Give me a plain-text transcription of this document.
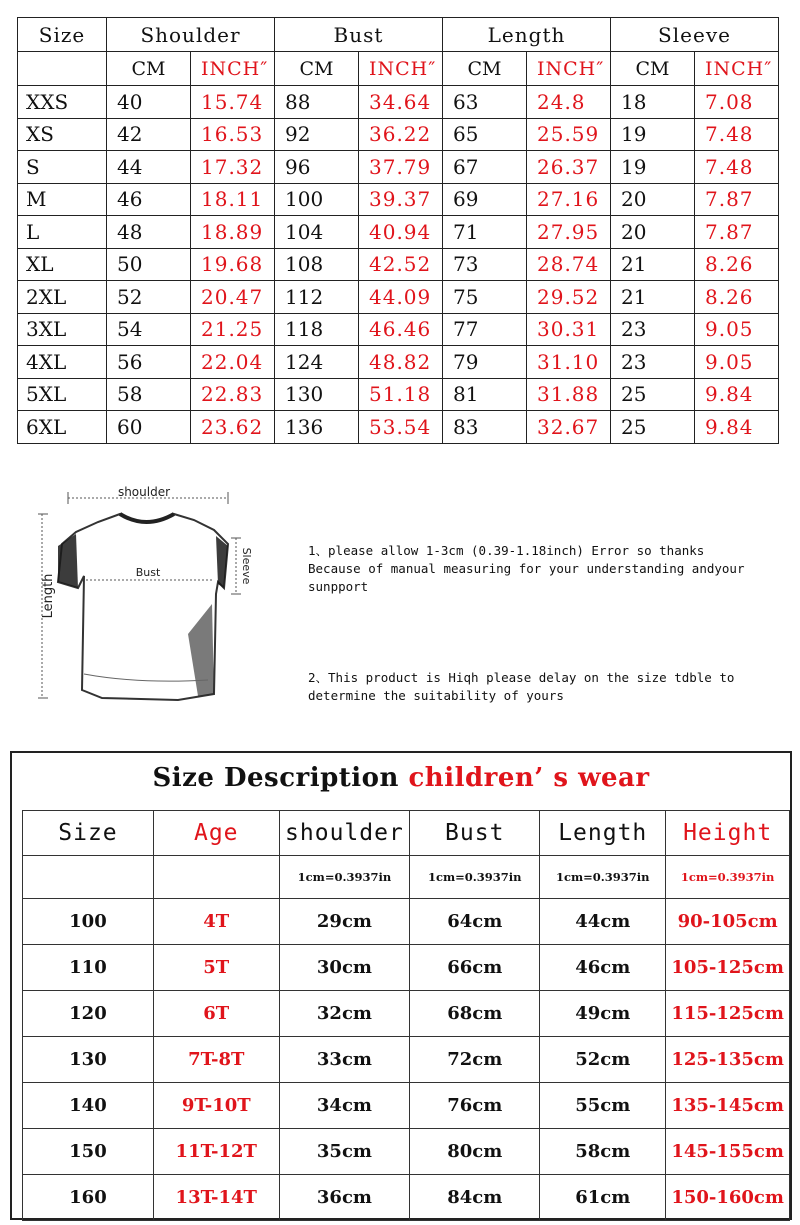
Size	Shoulder		Bust		Length		Sleeve	
	CM	INCH″	CM	INCH″	CM	INCH″	CM	INCH″
XXS	40	15.74	88	34.64	63	24.8	18	7.08
XS	42	16.53	92	36.22	65	25.59	19	7.48
S	44	17.32	96	37.79	67	26.37	19	7.48
M	46	18.11	100	39.37	69	27.16	20	7.87
L	48	18.89	104	40.94	71	27.95	20	7.87
XL	50	19.68	108	42.52	73	28.74	21	8.26
2XL	52	20.47	112	44.09	75	29.52	21	8.26
3XL	54	21.25	118	46.46	77	30.31	23	9.05
4XL	56	22.04	124	48.82	79	31.10	23	9.05
5XL	58	22.83	130	51.18	81	31.88	25	9.84
6XL	60	23.62	136	53.54	83	32.67	25	9.84
shoulder
Bust
Length
Sleeve	1、please allow 1-3cm (0.39-1.18inch) Error so thanks
Because of manual measuring for your understanding andyour
sunpport
2、This product is Hiqh please delay on the size tdble to
determine the suitability of yours
Size Description children’ s wear
Size	Age	shoulder	Bust	Length	Height
		1cm=0.3937in	1cm=0.3937in	1cm=0.3937in	1cm=0.3937in
100	4T	29cm	64cm	44cm	90-105cm
110	5T	30cm	66cm	46cm	105-125cm
120	6T	32cm	68cm	49cm	115-125cm
130	7T-8T	33cm	72cm	52cm	125-135cm
140	9T-10T	34cm	76cm	55cm	135-145cm
150	11T-12T	35cm	80cm	58cm	145-155cm
160	13T-14T	36cm	84cm	61cm	150-160cm
